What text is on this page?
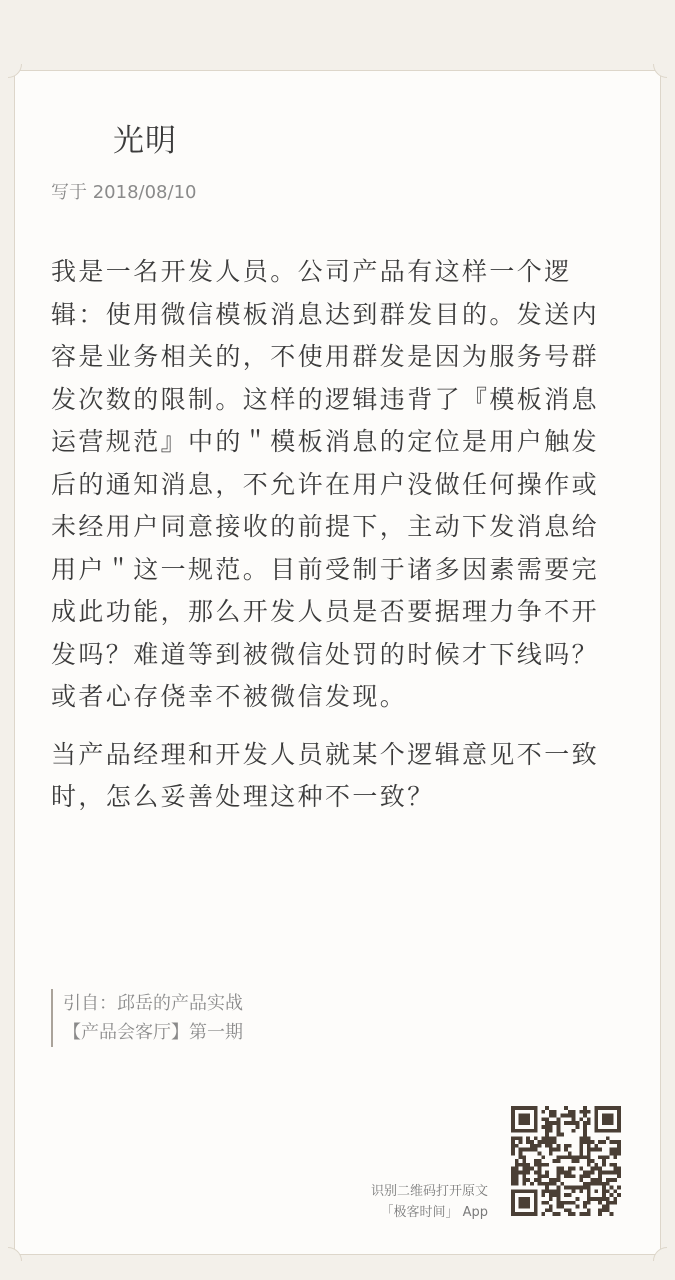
光明
写于 2018/08/10

我是一名开发人员。公司产品有这样一个逻辑：使用微信模板消息达到群发目的。发送内容是业务相关的，不使用群发是因为服务号群发次数的限制。这样的逻辑违背了『模板消息运营规范』中的＂模板消息的定位是用户触发后的通知消息，不允许在用户没做任何操作或未经用户同意接收的前提下，主动下发消息给用户＂这一规范。目前受制于诸多因素需要完成此功能，那么开发人员是否要据理力争不开发吗？难道等到被微信处罚的时候才下线吗？或者心存侥幸不被微信发现。

当产品经理和开发人员就某个逻辑意见不一致时，怎么妥善处理这种不一致？

引自：邱岳的产品实战
【产品会客厅】第一期
识别二维码打开原文
「极客时间」 App
